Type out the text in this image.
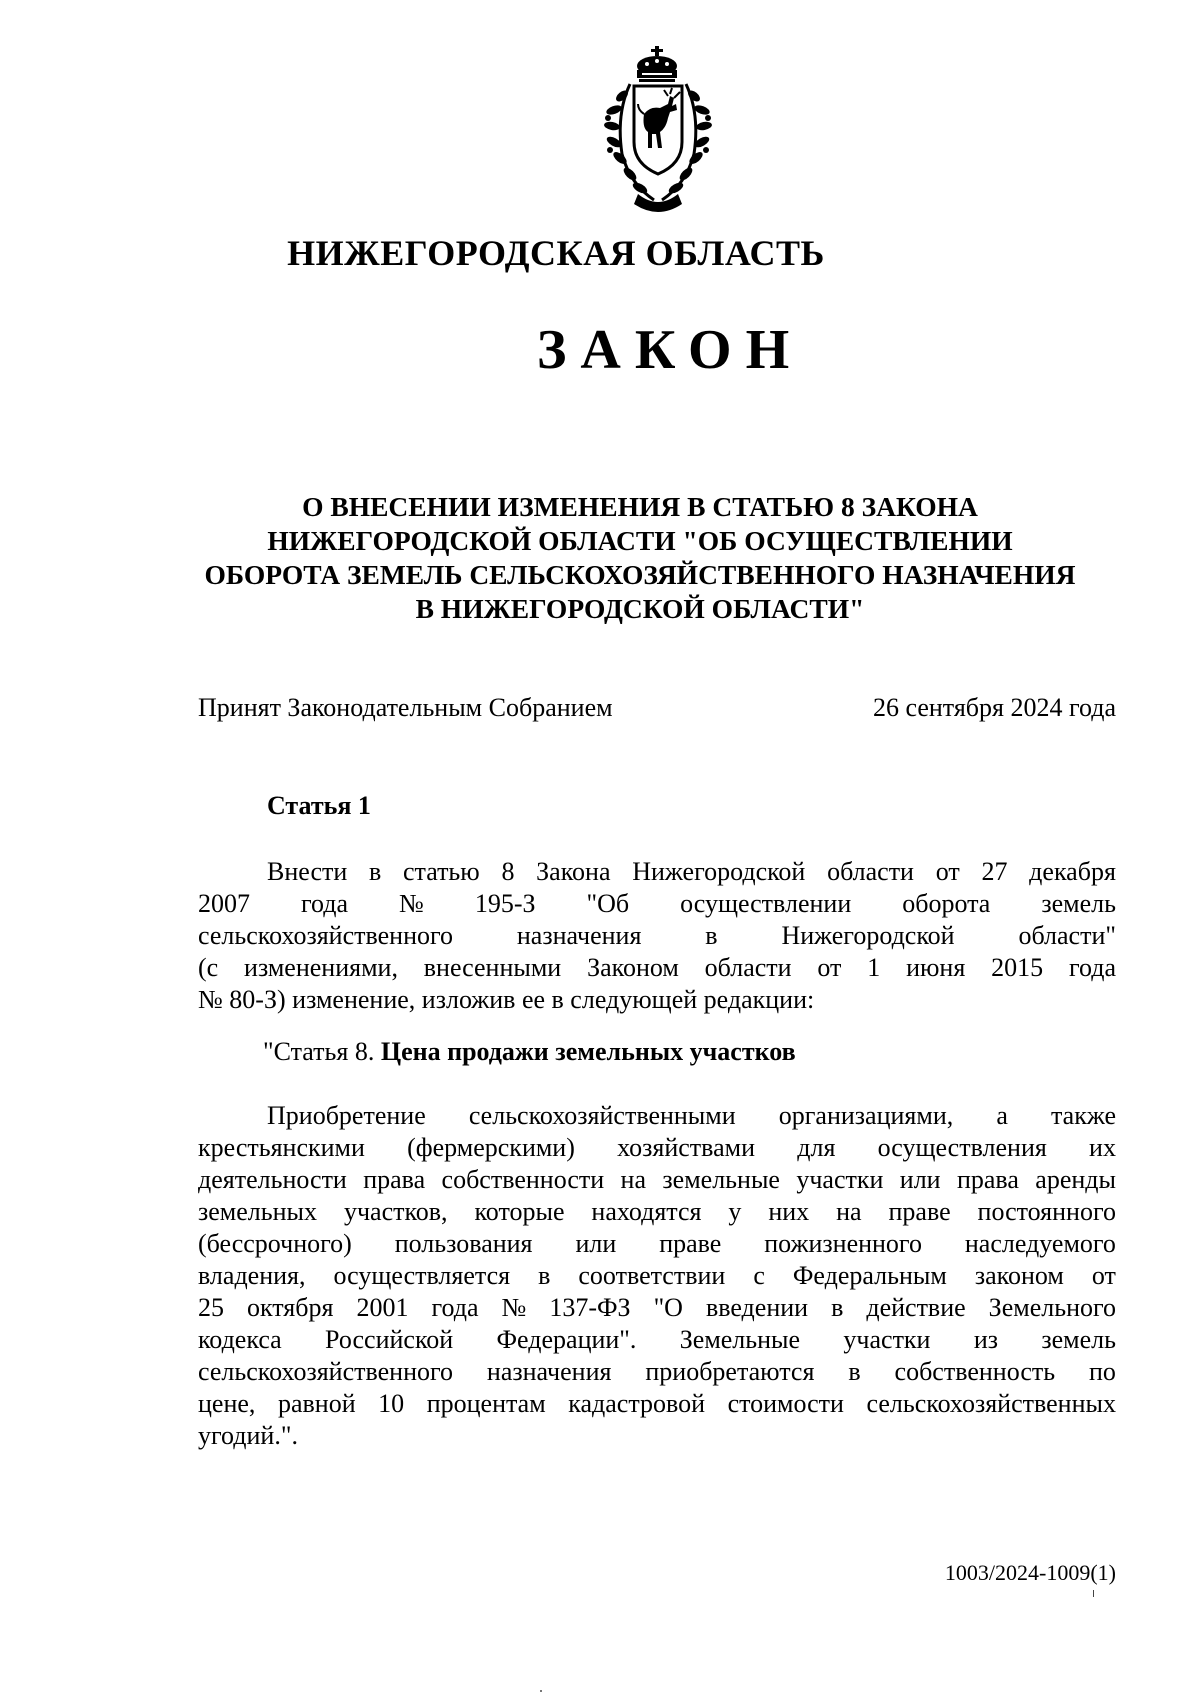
НИЖЕГОРОДСКАЯ ОБЛАСТЬ
ЗАКОН
О ВНЕСЕНИИ ИЗМЕНЕНИЯ В СТАТЬЮ 8 ЗАКОНА
НИЖЕГОРОДСКОЙ ОБЛАСТИ "ОБ ОСУЩЕСТВЛЕНИИ
ОБОРОТА ЗЕМЕЛЬ СЕЛЬСКОХОЗЯЙСТВЕННОГО НАЗНАЧЕНИЯ
В НИЖЕГОРОДСКОЙ ОБЛАСТИ"
Принят Законодательным Собранием	26 сентября 2024 года
Статья 1
Внести в статью 8 Закона Нижегородской области от 27 декабря
2007 года № 195-З "Об осуществлении оборота земель
сельскохозяйственного назначения в Нижегородской области"
(с изменениями, внесенными Законом области от 1 июня 2015 года
№ 80-З) изменение, изложив ее в следующей редакции:
"Статья 8. Цена продажи земельных участков
Приобретение сельскохозяйственными организациями, а также
крестьянскими (фермерскими) хозяйствами для осуществления их
деятельности права собственности на земельные участки или права аренды
земельных участков, которые находятся у них на праве постоянного
(бессрочного) пользования или праве пожизненного наследуемого
владения, осуществляется в соответствии с Федеральным законом от
25 октября 2001 года № 137-ФЗ "О введении в действие Земельного
кодекса Российской Федерации". Земельные участки из земель
сельскохозяйственного назначения приобретаются в собственность по
цене, равной 10 процентам кадастровой стоимости сельскохозяйственных
угодий.".
1003/2024-1009(1)
